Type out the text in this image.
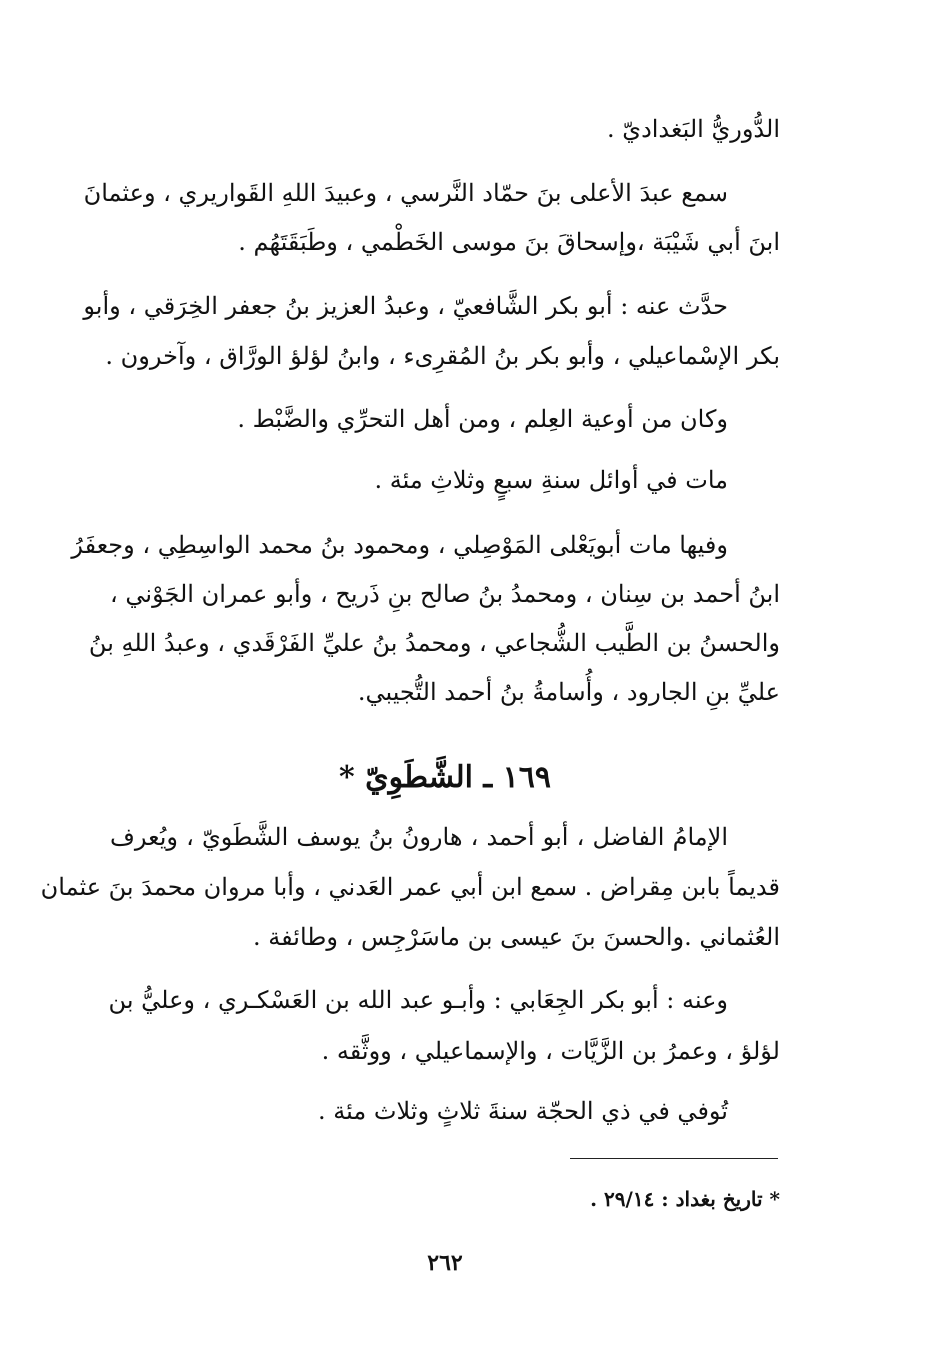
الدُّوريُّ البَغداديّ .
سمع عبدَ الأعلى بنَ حمّاد النَّرسي ، وعبيدَ اللهِ القَواريري ، وعثمانَ
ابنَ أبي شَيْبَة ،وإسحاقَ بنَ موسى الخَطْمي ، وطَبَقَتَهُم .
حدَّث عنه : أبو بكر الشَّافعيّ ، وعبدُ العزيز بنُ جعفر الخِرَقي ، وأبو
بكر الإسْماعيلي ، وأبو بكر بنُ المُقرِىء ، وابنُ لؤلؤ الورَّاق ، وآخرون .
وكان من أوعية العِلم ، ومن أهل التحرِّي والضَّبْط .
مات في أوائل سنةِ سبعٍ وثلاثِ مئة .
وفيها مات أبويَعْلى المَوْصِلي ، ومحمود بنُ محمد الواسِطِي ، وجعفَرُ
ابنُ أحمد بن سِنان ، ومحمدُ بنُ صالح بنِ ذَريح ، وأبو عمران الجَوْني ،
والحسنُ بن الطَّيب الشُّجاعي ، ومحمدُ بنُ عليِّ الفَرْقَدي ، وعبدُ اللهِ بنُ
عليِّ بنِ الجارود ، وأُسامةُ بنُ أحمد التُّجيبي.
١٦٩ ـ الشَّطَوِيّ *
الإمامُ الفاضل ، أبو أحمد ، هارونُ بنُ يوسف الشَّطَويّ ، ويُعرف
قديماً بابن مِقراض . سمع ابن أبي عمر العَدني ، وأبا مروان محمدَ بنَ عثمان
العُثماني .والحسنَ بنَ عيسى بن ماسَرْجِس ، وطائفة .
وعنه : أبو بكر الجِعَابي : وأبـو عبد الله بن العَسْكـري ، وعليُّ بن
لؤلؤ ، وعمرُ بن الزَّيَّات ، والإسماعيلي ، ووثَّقه .
تُوفي في ذي الحجّة سنةَ ثلاثٍ وثلاث مئة .
* تاريخ بغداد : ٢٩/١٤ .
٢٦٢
